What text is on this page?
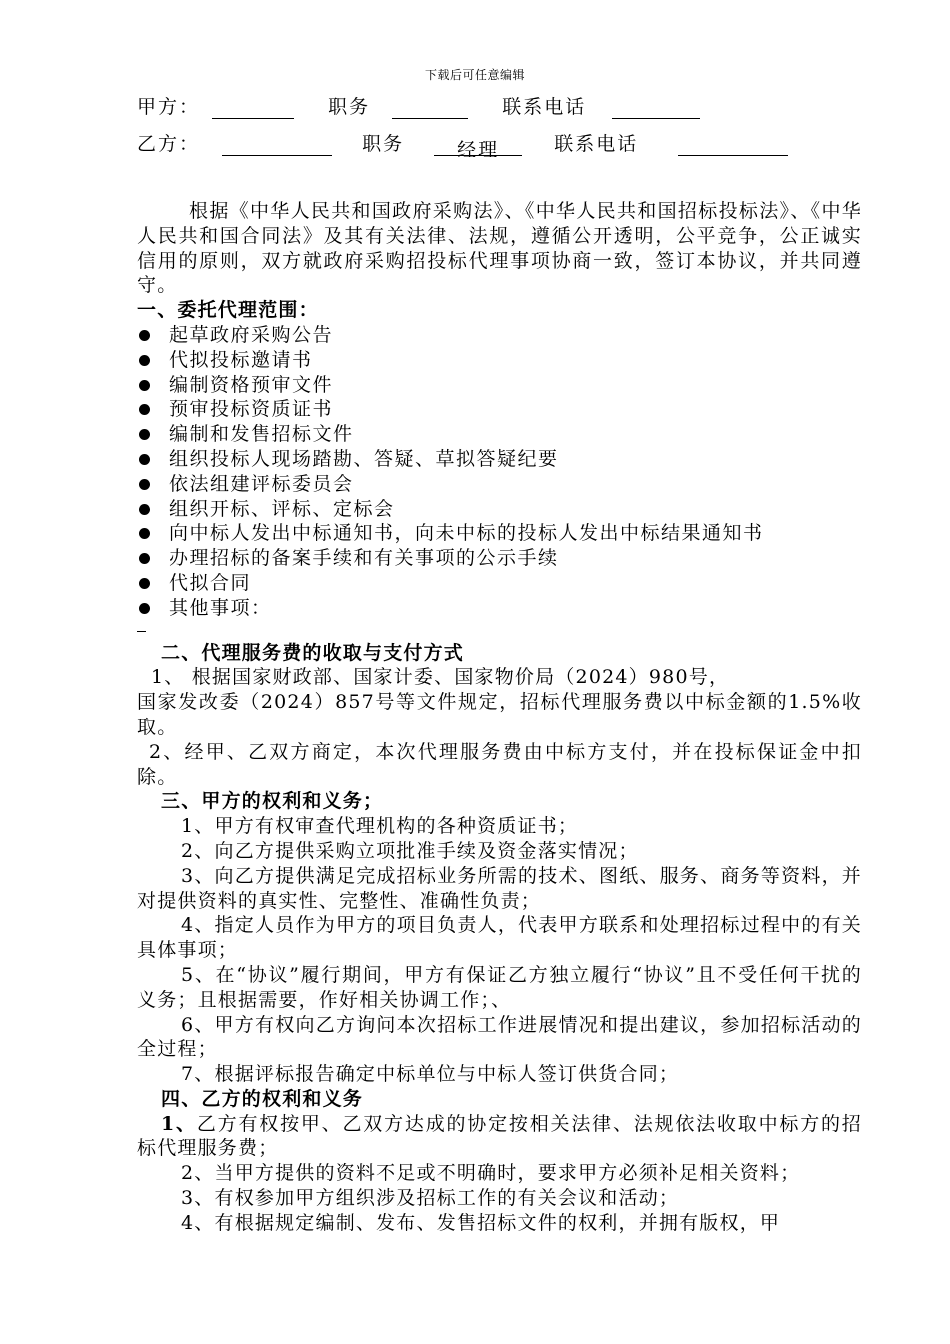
下载后可任意编辑
甲方：	职务	联系电话
乙方：	职务	经理	联系电话

根据《中华人民共和国政府采购法》、《中华人民共和国招标投标法》、《中华人民共和国合同法》及其有关法律、法规，遵循公开透明，公平竞争，公正诚实信用的原则，双方就政府采购招投标代理事项协商一致，签订本协议，并共同遵守。

一、委托代理范围：

起草政府采购公告
代拟投标邀请书
编制资格预审文件
预审投标资质证书
编制和发售招标文件
组织投标人现场踏勘、答疑、草拟答疑纪要
依法组建评标委员会
组织开标、评标、定标会
向中标人发出中标通知书，向未中标的投标人发出中标结果通知书
办理招标的备案手续和有关事项的公示手续
代拟合同
其他事项：

二、代理服务费的收取与支付方式

1、 根据国家财政部、国家计委、国家物价局（2024）980号，

国家发改委（2024）857号等文件规定，招标代理服务费以中标金额的1.5%收取。

2、经甲、乙双方商定，本次代理服务费由中标方支付，并在投标保证金中扣除。

三、甲方的权利和义务；

1、甲方有权审查代理机构的各种资质证书；

2、向乙方提供采购立项批准手续及资金落实情况；

3、向乙方提供满足完成招标业务所需的技术、图纸、服务、商务等资料，并对提供资料的真实性、完整性、准确性负责；

4、指定人员作为甲方的项目负责人，代表甲方联系和处理招标过程中的有关具体事项；

5、在“协议”履行期间，甲方有保证乙方独立履行“协议”且不受任何干扰的义务；且根据需要，作好相关协调工作；、

6、甲方有权向乙方询问本次招标工作进展情况和提出建议，参加招标活动的全过程；

7、根据评标报告确定中标单位与中标人签订供货合同；

四、乙方的权利和义务

1、乙方有权按甲、乙双方达成的协定按相关法律、法规依法收取中标方的招标代理服务费；

2、当甲方提供的资料不足或不明确时，要求甲方必须补足相关资料；

3、有权参加甲方组织涉及招标工作的有关会议和活动；

4、有根据规定编制、发布、发售招标文件的权利，并拥有版权，甲
